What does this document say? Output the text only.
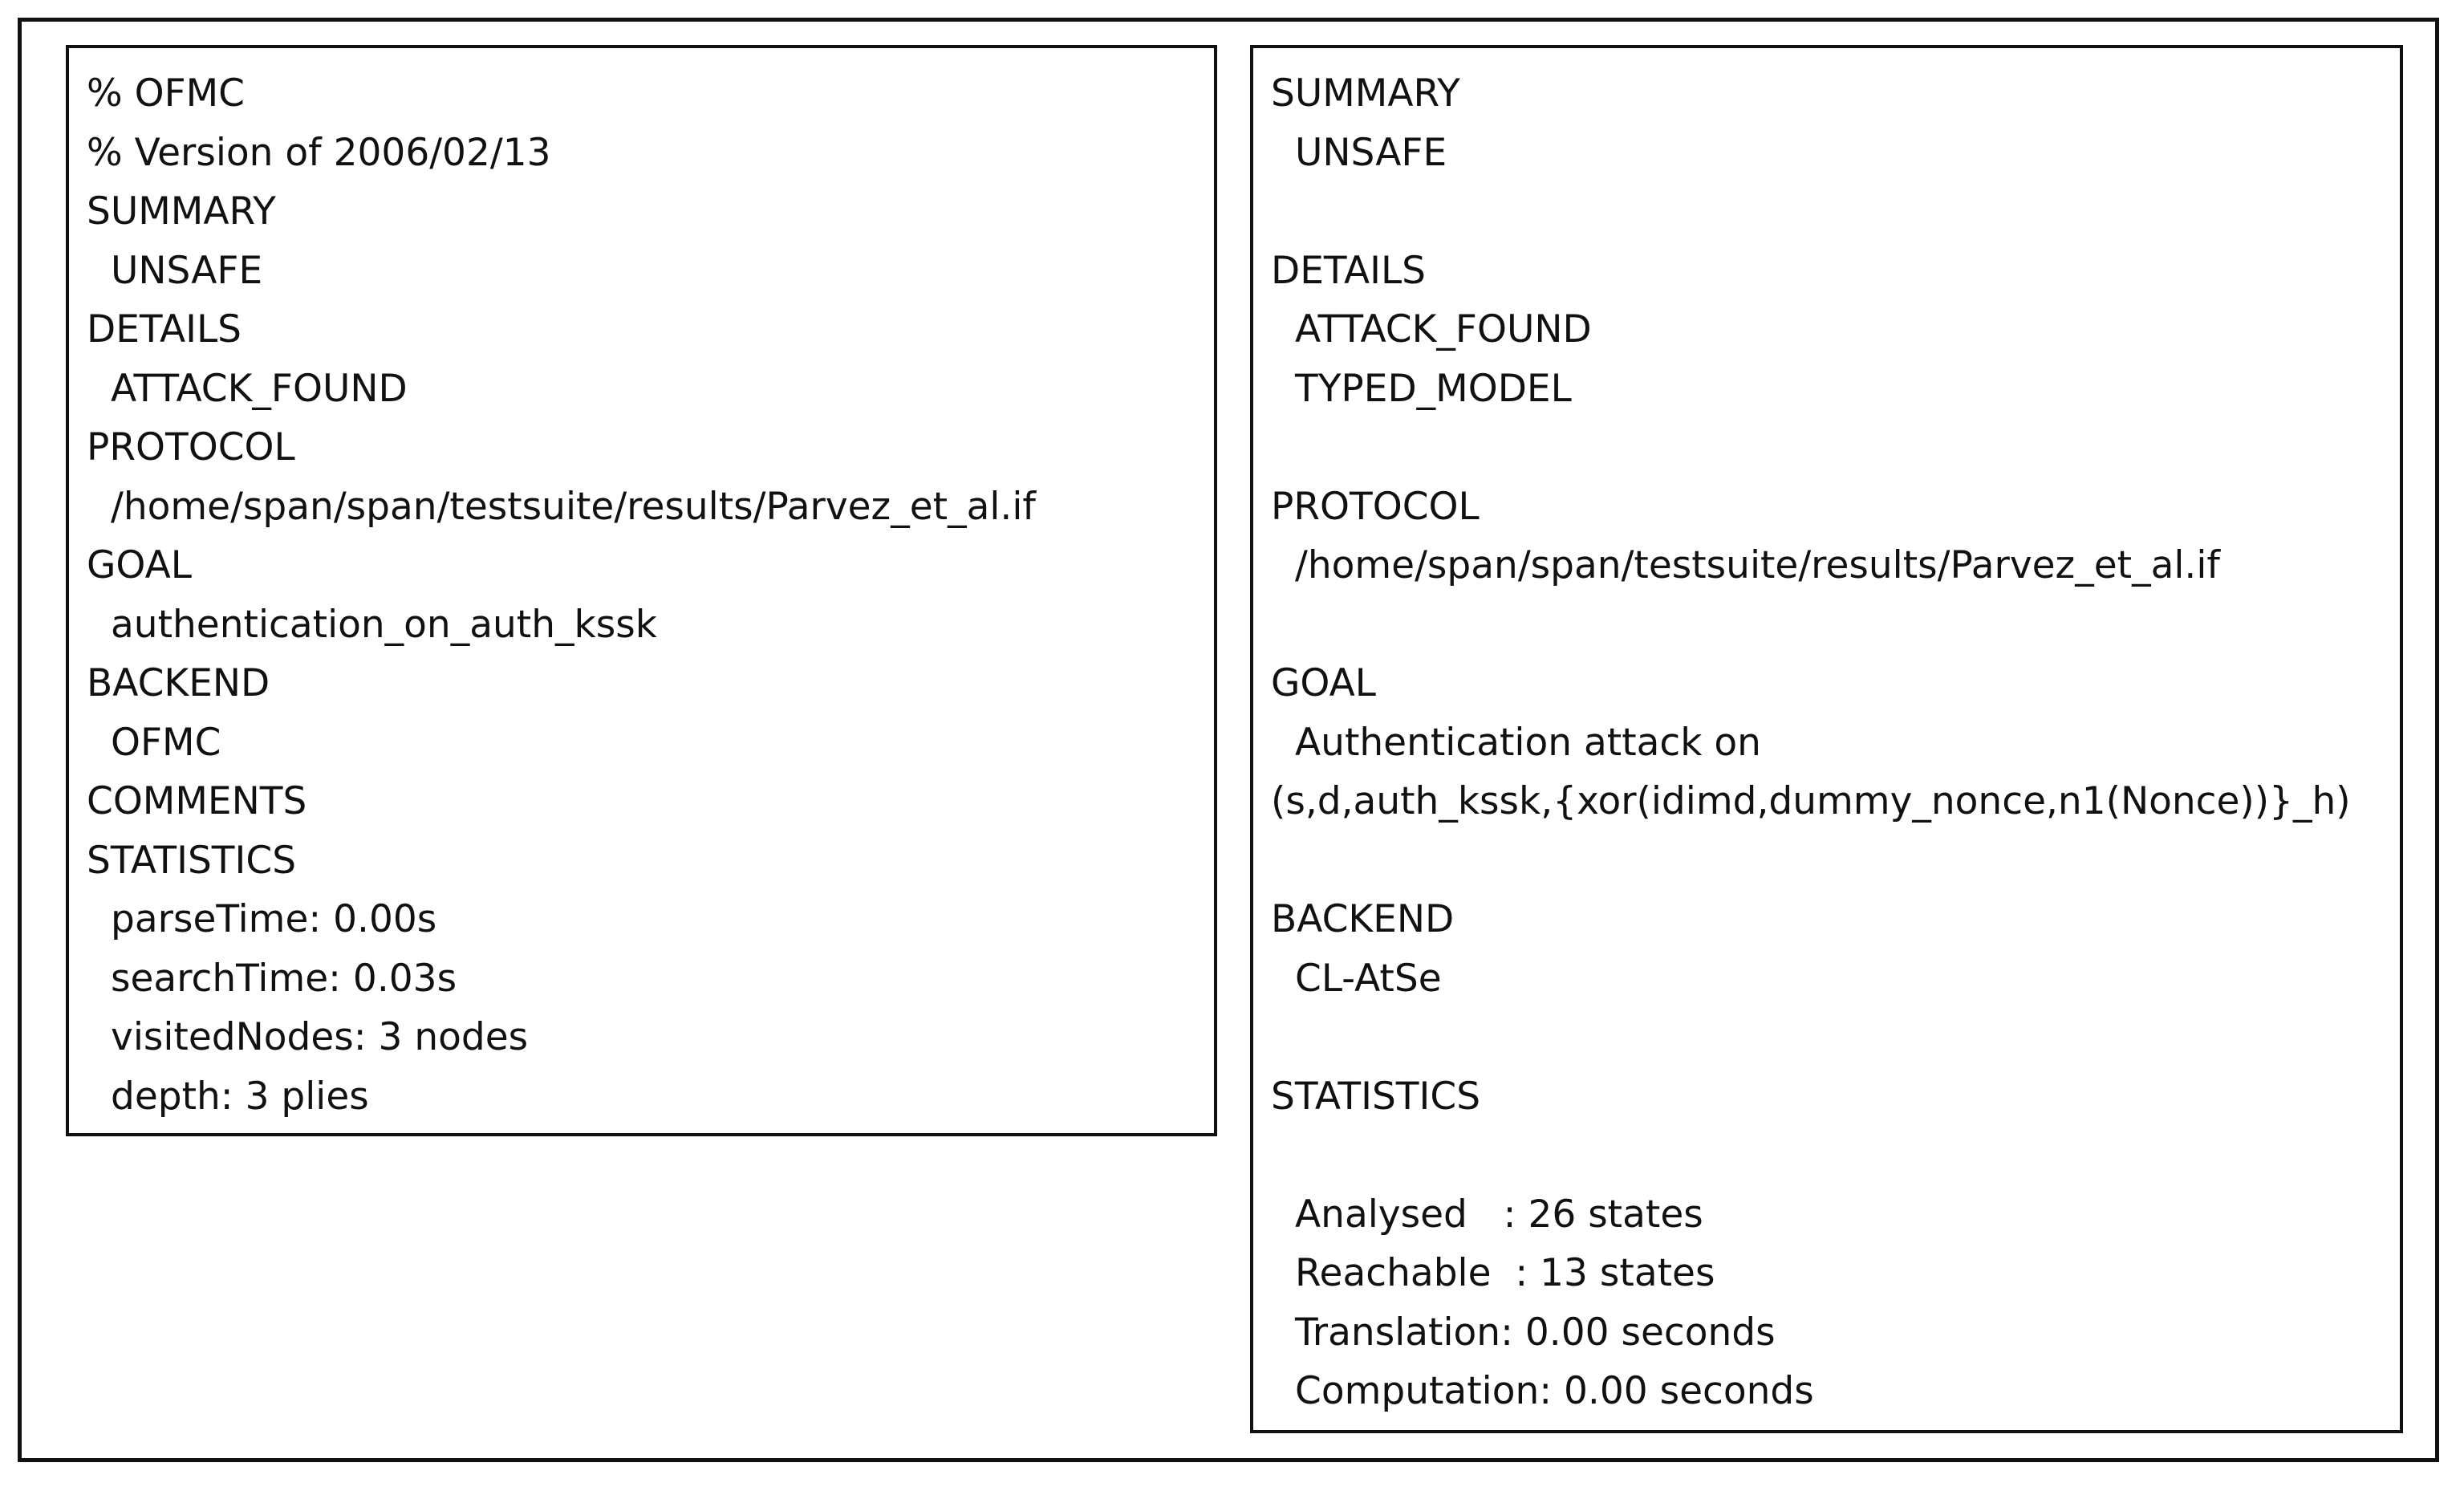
% OFMC
% Version of 2006/02/13
SUMMARY
UNSAFE
DETAILS
ATTACK_FOUND
PROTOCOL
/home/span/span/testsuite/results/Parvez_et_al.if
GOAL
authentication_on_auth_kssk
BACKEND
OFMC
COMMENTS
STATISTICS
parseTime: 0.00s
searchTime: 0.03s
visitedNodes: 3 nodes
depth: 3 plies
SUMMARY
UNSAFE
DETAILS
ATTACK_FOUND
TYPED_MODEL
PROTOCOL
/home/span/span/testsuite/results/Parvez_et_al.if
GOAL
Authentication attack on
(s,d,auth_kssk,{xor(idimd,dummy_nonce,n1(Nonce))}_h)
BACKEND
CL-AtSe
STATISTICS
Analysed   : 26 states
Reachable  : 13 states
Translation: 0.00 seconds
Computation: 0.00 seconds
